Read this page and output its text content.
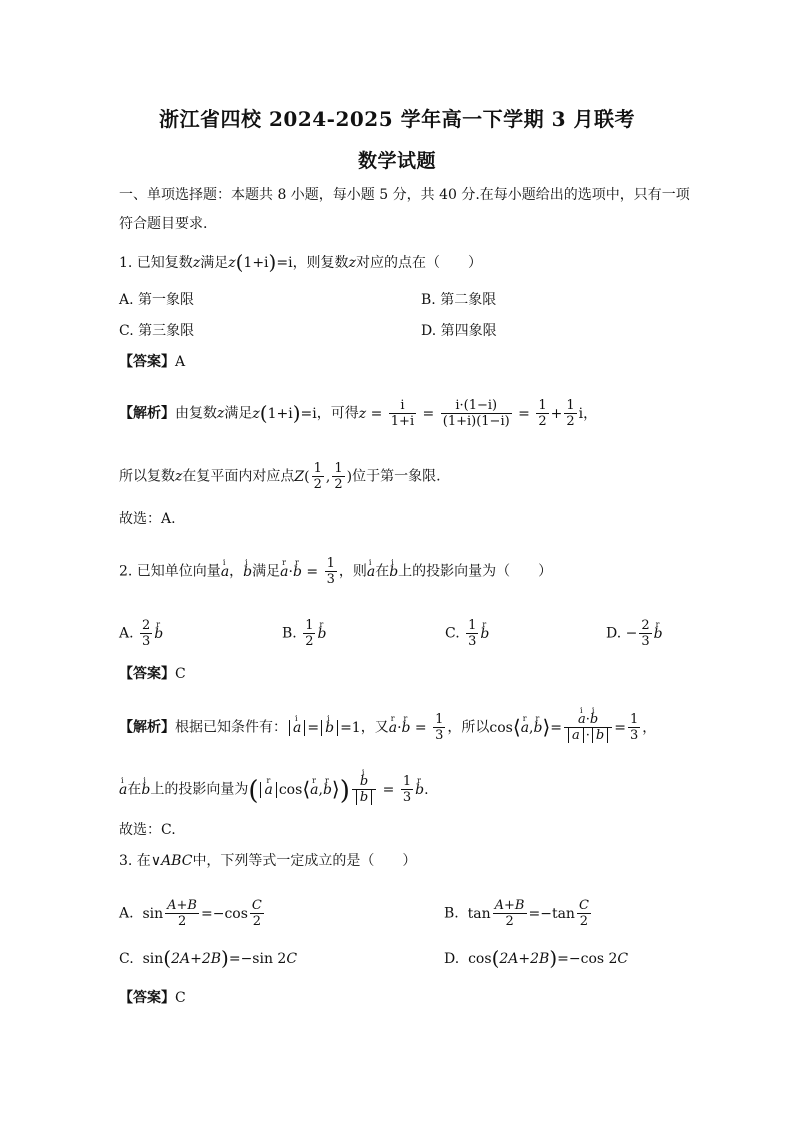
浙江省四校 2024-2025 学年高一下学期 3 月联考
数学试题
一、单项选择题：本题共 8 小题，每小题 5 分，共 40 分.在每小题给出的选项中，只有一项
符合题目要求.
1. 已知复数z满足z(1+i)=i，则复数z对应的点在（　　）
A. 第一象限	B. 第二象限
C. 第三象限	D. 第四象限
【答案】A
【解析】由复数z满足z(1+i)=i，可得$z = \frac{i}{1+i} = \frac{i\cdot(1-i)}{(1+i)(1-i)} = \frac{1}{2} + \frac{1}{2}$ i，
所以复数z在复平面内对应点$Z( \frac{1}{2}$ , $\frac{1}{2}$ )位于第一象限.
故选：A.
2. 已知单位向量i a，i b满足r a·r $b = \frac{1}{3}$ ，则i a在i b上的投影向量为（　　）
A. $\frac{2}{3}$ r b	B. $\frac{1}{2}$ r b	C. $\frac{1}{3}$ r b	D. − $\frac{2}{3}$ r b
【答案】C
【解析】根据已知条件有： i a = i b =1，又r a·r $b = \frac{1}{3}$ ，所以cos⟨r a,r b⟩= i $\frac{\text{a·i b}}{a \cdot b} = \frac{1}{3}$ ，
i a在i b上的投影向量为( r a cos⟨r a,r b⟩) i $\frac{b}{b} = \frac{1}{3}$ r b.
故选：C.
3. 在∨ABC中，下列等式一定成立的是（　　）
A. $\sin \frac{A+B}{2} =-\cos \frac{C}{2}$	B. $\tan \frac{A+B}{2} =-\tan \frac{C}{2}$
C. sin(2A+2B)=−sin 2C	D. cos(2A+2B)=−cos 2C
【答案】C
